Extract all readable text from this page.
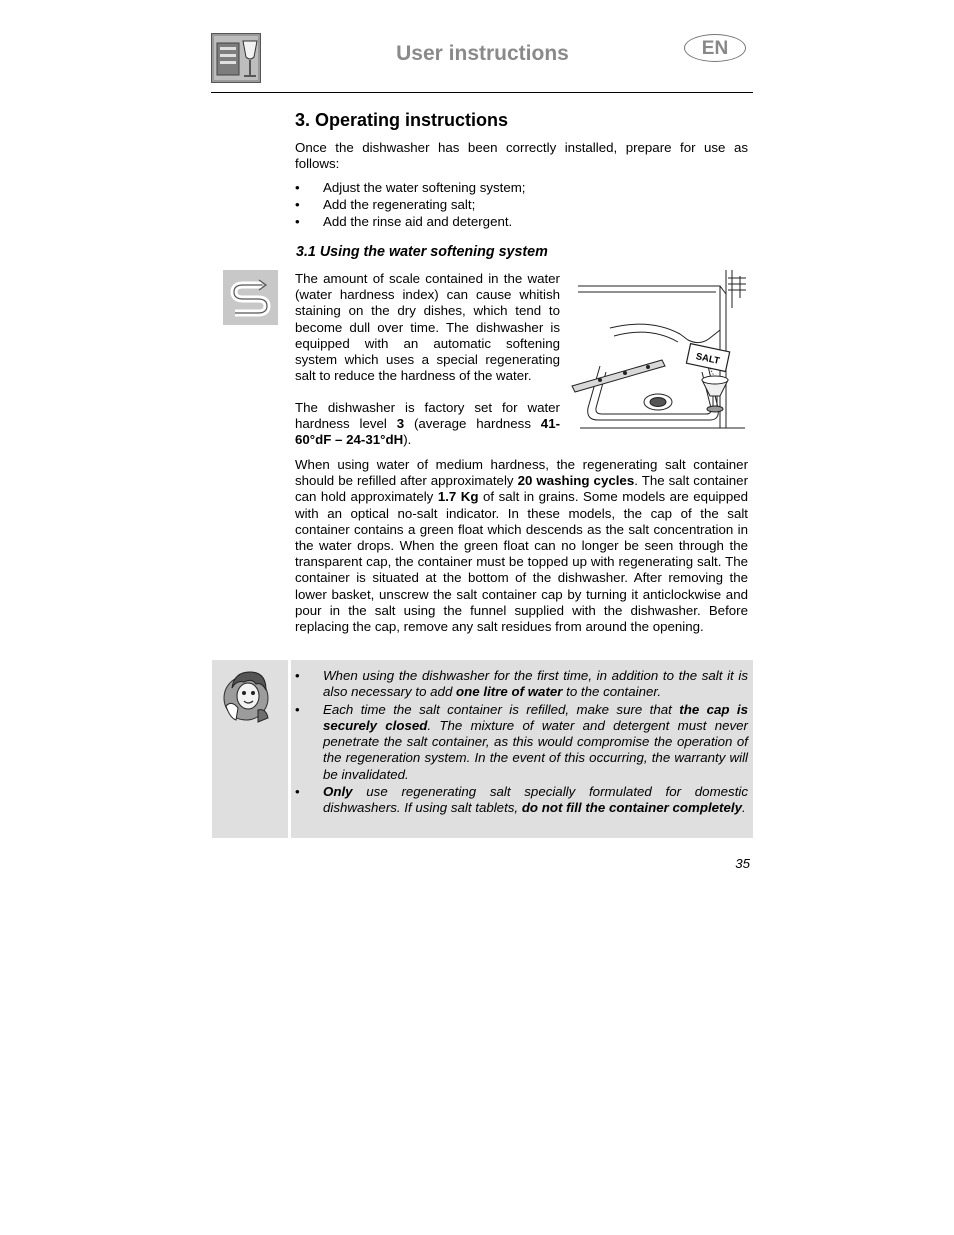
User instructions	EN
3. Operating instructions
Once the dishwasher has been correctly installed, prepare for use as follows:
• Adjust the water softening system;
• Add the regenerating salt;
• Add the rinse aid and detergent.
3.1 Using the water softening system
The amount of scale contained in the water (water hardness index) can cause whitish staining on the dry dishes, which tend to become dull over time. The dishwasher is equipped with an automatic softening system which uses a special regenerating salt to reduce the hardness of the water.
The dishwasher is factory set for water hardness level 3 (average hardness 41-60°dF – 24-31°dH).
SALT
When using water of medium hardness, the regenerating salt container should be refilled after approximately 20 washing cycles. The salt container can hold approximately 1.7 Kg of salt in grains. Some models are equipped with an optical no-salt indicator. In these models, the cap of the salt container contains a green float which descends as the salt concentration in the water drops. When the green float can no longer be seen through the transparent cap, the container must be topped up with regenerating salt. The container is situated at the bottom of the dishwasher. After removing the lower basket, unscrew the salt container cap by turning it anticlockwise and pour in the salt using the funnel supplied with the dishwasher. Before replacing the cap, remove any salt residues from around the opening.
• When using the dishwasher for the first time, in addition to the salt it is also necessary to add one litre of water to the container.
• Each time the salt container is refilled, make sure that the cap is securely closed. The mixture of water and detergent must never penetrate the salt container, as this would compromise the operation of the regeneration system. In the event of this occurring, the warranty will be invalidated.
• Only use regenerating salt specially formulated for domestic dishwashers. If using salt tablets, do not fill the container completely.
35
